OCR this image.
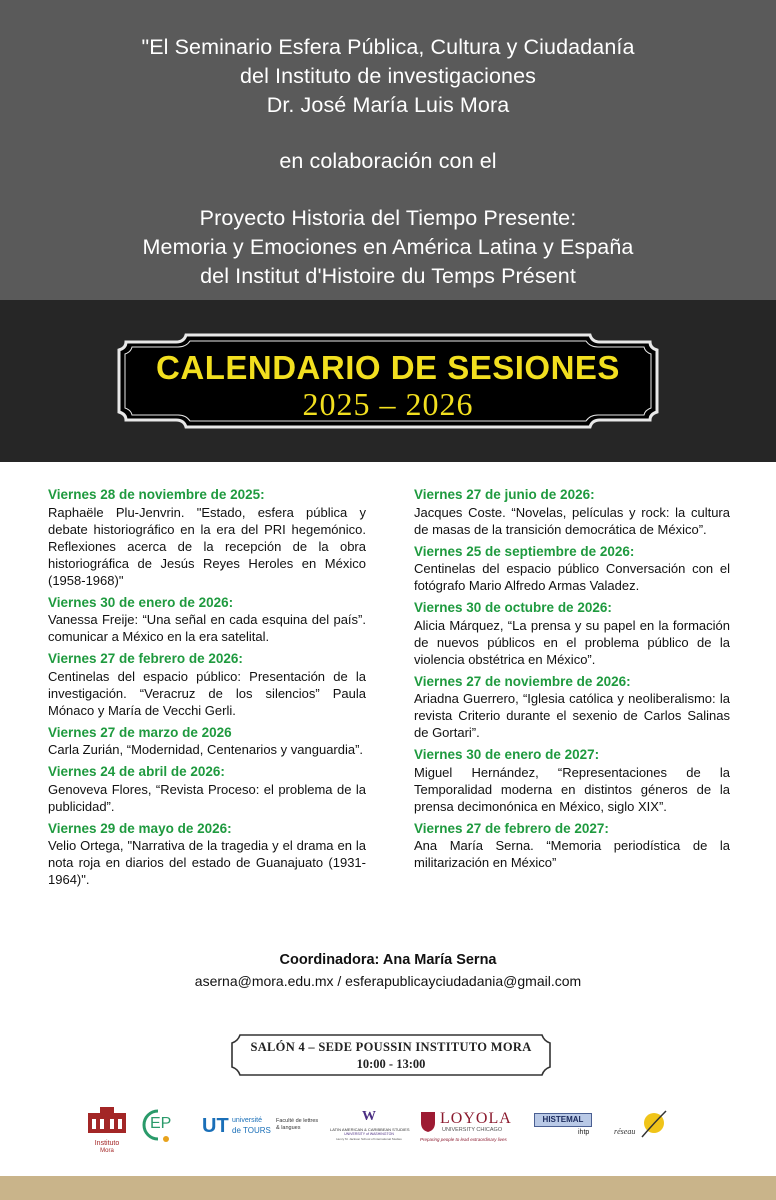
"El Seminario Esfera Pública, Cultura y Ciudadanía
del Instituto de investigaciones
Dr. José María Luis Mora
en colaboración con el
Proyecto Historia del Tiempo Presente:
Memoria y Emociones en América Latina y España
del Institut d'Histoire du Temps Présent
CALENDARIO DE SESIONES
2025 – 2026
Viernes 28 de noviembre de 2025:
Raphaële Plu-Jenvrin. "Estado, esfera pública y debate historiográfico en la era del PRI hegemónico. Reflexiones acerca de la recepción de la obra historiográfica de Jesús Reyes Heroles en México (1958-1968)"
Viernes 30 de enero de 2026:
Vanessa Freije: “Una señal en cada esquina del país”. comunicar a México en la era satelital.
Viernes 27 de febrero de 2026:
Centinelas del espacio público: Presentación de la investigación. “Veracruz de los silencios” Paula Mónaco y María de Vecchi Gerli.
Viernes 27 de marzo de 2026
Carla Zurián, “Modernidad, Centenarios y vanguardia”.
Viernes 24 de abril de 2026:
Genoveva Flores, “Revista Proceso: el problema de la publicidad”.
Viernes 29 de mayo de 2026:
Velio Ortega, "Narrativa de la tragedia y el drama en la nota roja en diarios del estado de Guanajuato (1931-1964)".
Viernes 27 de junio de 2026:
Jacques Coste. “Novelas, películas y rock: la cultura de masas de la transición democrática de México”.
Viernes 25 de septiembre de 2026:
Centinelas del espacio público Conversación con el fotógrafo Mario Alfredo Armas Valadez.
Viernes 30 de octubre de 2026:
Alicia Márquez, “La prensa y su papel en la formación de nuevos públicos en el problema público de la violencia obstétrica en México”.
Viernes 27 de noviembre de 2026:
Ariadna Guerrero, “Iglesia católica y neoliberalismo: la revista Criterio durante el sexenio de Carlos Salinas de Gortari”.
Viernes 30 de enero de 2027:
Miguel Hernández, “Representaciones de la Temporalidad moderna en distintos géneros de la prensa decimonónica en México, siglo XIX”.
Viernes 27 de febrero de 2027:
Ana María Serna. “Memoria periodística de la militarización en México”
Coordinadora: Ana María Serna
aserna@mora.edu.mx / esferapublicayciudadania@gmail.com
SALÓN 4 – SEDE POUSSIN INSTITUTO MORA
10:00 - 13:00
Instituto
Mora
EP UT université
de TOURS
Faculté de lettres
& langues
W
LATIN AMERICAN & CARIBBEAN STUDIES
UNIVERSITY of WASHINGTON
Henry M. Jackson School of International Studies
LOYOLA
UNIVERSITY CHICAGO
Preparing people to lead extraordinary lives
HISTEMAL
ihtp	réseau
